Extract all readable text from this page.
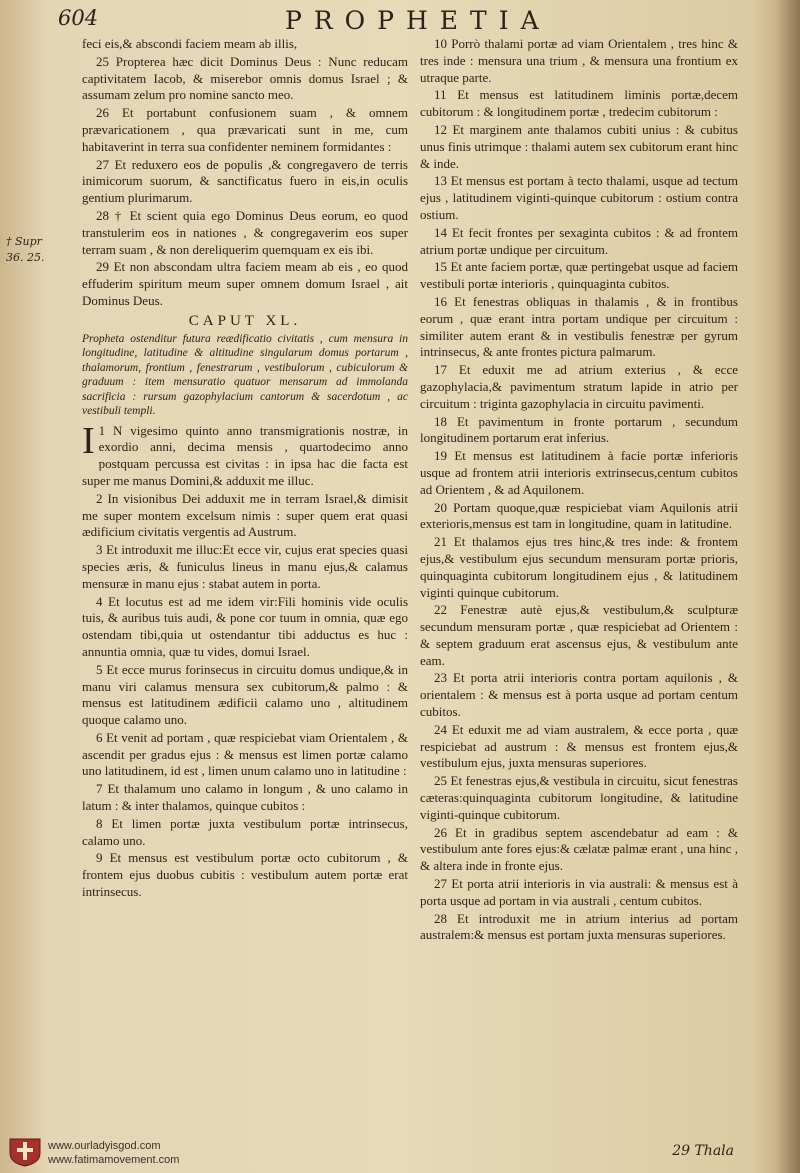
604	PROPHETIA
† Supr
36. 25.

feci eis,& abscondi faciem meam ab illis,

25 Propterea hæc dicit Dominus Deus : Nunc reducam captivitatem Iacob, & miserebor omnis domus Israel ; & assumam zelum pro nomine sancto meo.

26 Et portabunt confusionem suam , & omnem prævaricationem , qua prævaricati sunt in me, cum habitaverint in terra sua confidenter neminem formidantes :

27 Et reduxero eos de populis ,& congregavero de terris inimicorum suorum, & sanctificatus fuero in eis,in oculis gentium plurimarum.

28 † Et scient quia ego Dominus Deus eorum, eo quod transtulerim eos in nationes , & congregaverim eos super terram suam , & non dereliquerim quemquam ex eis ibi.

29 Et non abscondam ultra faciem meam ab eis , eo quod effuderim spiritum meum super omnem domum Israel , ait Dominus Deus.

CAPUT XL.
Propheta ostenditur futura reædificatio civitatis , cum mensura in longitudine, latitudine & altitudine singularum domus portarum , thalamorum, frontium , fenestrarum , vestibulorum , cubiculorum & graduum : item mensuratio quatuor mensarum ad immolanda sacrificia : rursum gazophylacium cantorum & sacerdotum , ac vestibuli templi.

I 1 N vigesimo quinto anno transmigrationis nostræ, in exordio anni, decima mensis , quartodecimo anno postquam percussa est civitas : in ipsa hac die facta est super me manus Domini,& adduxit me illuc.

2 In visionibus Dei adduxit me in terram Israel,& dimisit me super montem excelsum nimis : super quem erat quasi ædificium civitatis vergentis ad Austrum.

3 Et introduxit me illuc:Et ecce vir, cujus erat species quasi species æris, & funiculus lineus in manu ejus,& calamus mensuræ in manu ejus : stabat autem in porta.

4 Et locutus est ad me idem vir:Fili hominis vide oculis tuis, & auribus tuis audi, & pone cor tuum in omnia, quæ ego ostendam tibi,quia ut ostendantur tibi adductus es huc : annuntia omnia, quæ tu vides, domui Israel.

5 Et ecce murus forinsecus in circuitu domus undique,& in manu viri calamus mensura sex cubitorum,& palmo : & mensus est latitudinem ædificii calamo uno , altitudinem quoque calamo uno.

6 Et venit ad portam , quæ respiciebat viam Orientalem , & ascendit per gradus ejus : & mensus est limen portæ calamo uno latitudinem, id est , limen unum calamo uno in latitudine :

7 Et thalamum uno calamo in longum , & uno calamo in latum : & inter thalamos, quinque cubitos :

8 Et limen portæ juxta vestibulum portæ intrinsecus, calamo uno.

9 Et mensus est vestibulum portæ octo cubitorum , & frontem ejus duobus cubitis : vestibulum autem portæ erat intrinsecus.

10 Porrò thalami portæ ad viam Orientalem , tres hinc & tres inde : mensura una trium , & mensura una frontium ex utraque parte.

11 Et mensus est latitudinem liminis portæ,decem cubitorum : & longitudinem portæ , tredecim cubitorum :

12 Et marginem ante thalamos cubiti unius : & cubitus unus finis utrimque : thalami autem sex cubitorum erant hinc & inde.

13 Et mensus est portam à tecto thalami, usque ad tectum ejus , latitudinem viginti-quinque cubitorum : ostium contra ostium.

14 Et fecit frontes per sexaginta cubitos : & ad frontem atrium portæ undique per circuitum.

15 Et ante faciem portæ, quæ pertingebat usque ad faciem vestibuli portæ interioris , quinquaginta cubitos.

16 Et fenestras obliquas in thalamis , & in frontibus eorum , quæ erant intra portam undique per circuitum : similiter autem erant & in vestibulis fenestræ per gyrum intrinsecus, & ante frontes pictura palmarum.

17 Et eduxit me ad atrium exterius , & ecce gazophylacia,& pavimentum stratum lapide in atrio per circuitum : triginta gazophylacia in circuitu pavimenti.

18 Et pavimentum in fronte portarum , secundum longitudinem portarum erat inferius.

19 Et mensus est latitudinem à facie portæ inferioris usque ad frontem atrii interioris extrinsecus,centum cubitos ad Orientem , & ad Aquilonem.

20 Portam quoque,quæ respiciebat viam Aquilonis atrii exterioris,mensus est tam in longitudine, quam in latitudine.

21 Et thalamos ejus tres hinc,& tres inde: & frontem ejus,& vestibulum ejus secundum mensuram portæ prioris, quinquaginta cubitorum longitudinem ejus , & latitudinem viginti quinque cubitorum.

22 Fenestræ autè ejus,& vestibulum,& sculpturæ secundum mensuram portæ , quæ respiciebat ad Orientem : & septem graduum erat ascensus ejus, & vestibulum ante eam.

23 Et porta atrii interioris contra portam aquilonis , & orientalem : & mensus est à porta usque ad portam centum cubitos.

24 Et eduxit me ad viam australem, & ecce porta , quæ respiciebat ad austrum : & mensus est frontem ejus,& vestibulum ejus, juxta mensuras superiores.

25 Et fenestras ejus,& vestibula in circuitu, sicut fenestras cæteras:quinquaginta cubitorum longitudine, & latitudine viginti-quinque cubitorum.

26 Et in gradibus septem ascendebatur ad eam : & vestibulum ante fores ejus:& cælatæ palmæ erant , una hinc , & altera inde in fronte ejus.

27 Et porta atrii interioris in via australi: & mensus est à porta usque ad portam in via australi , centum cubitos.

28 Et introduxit me in atrium interius ad portam australem:& mensus est portam juxta mensuras superiores.

29 Thala
www.ourladyisgod.com
www.fatimamovement.com
